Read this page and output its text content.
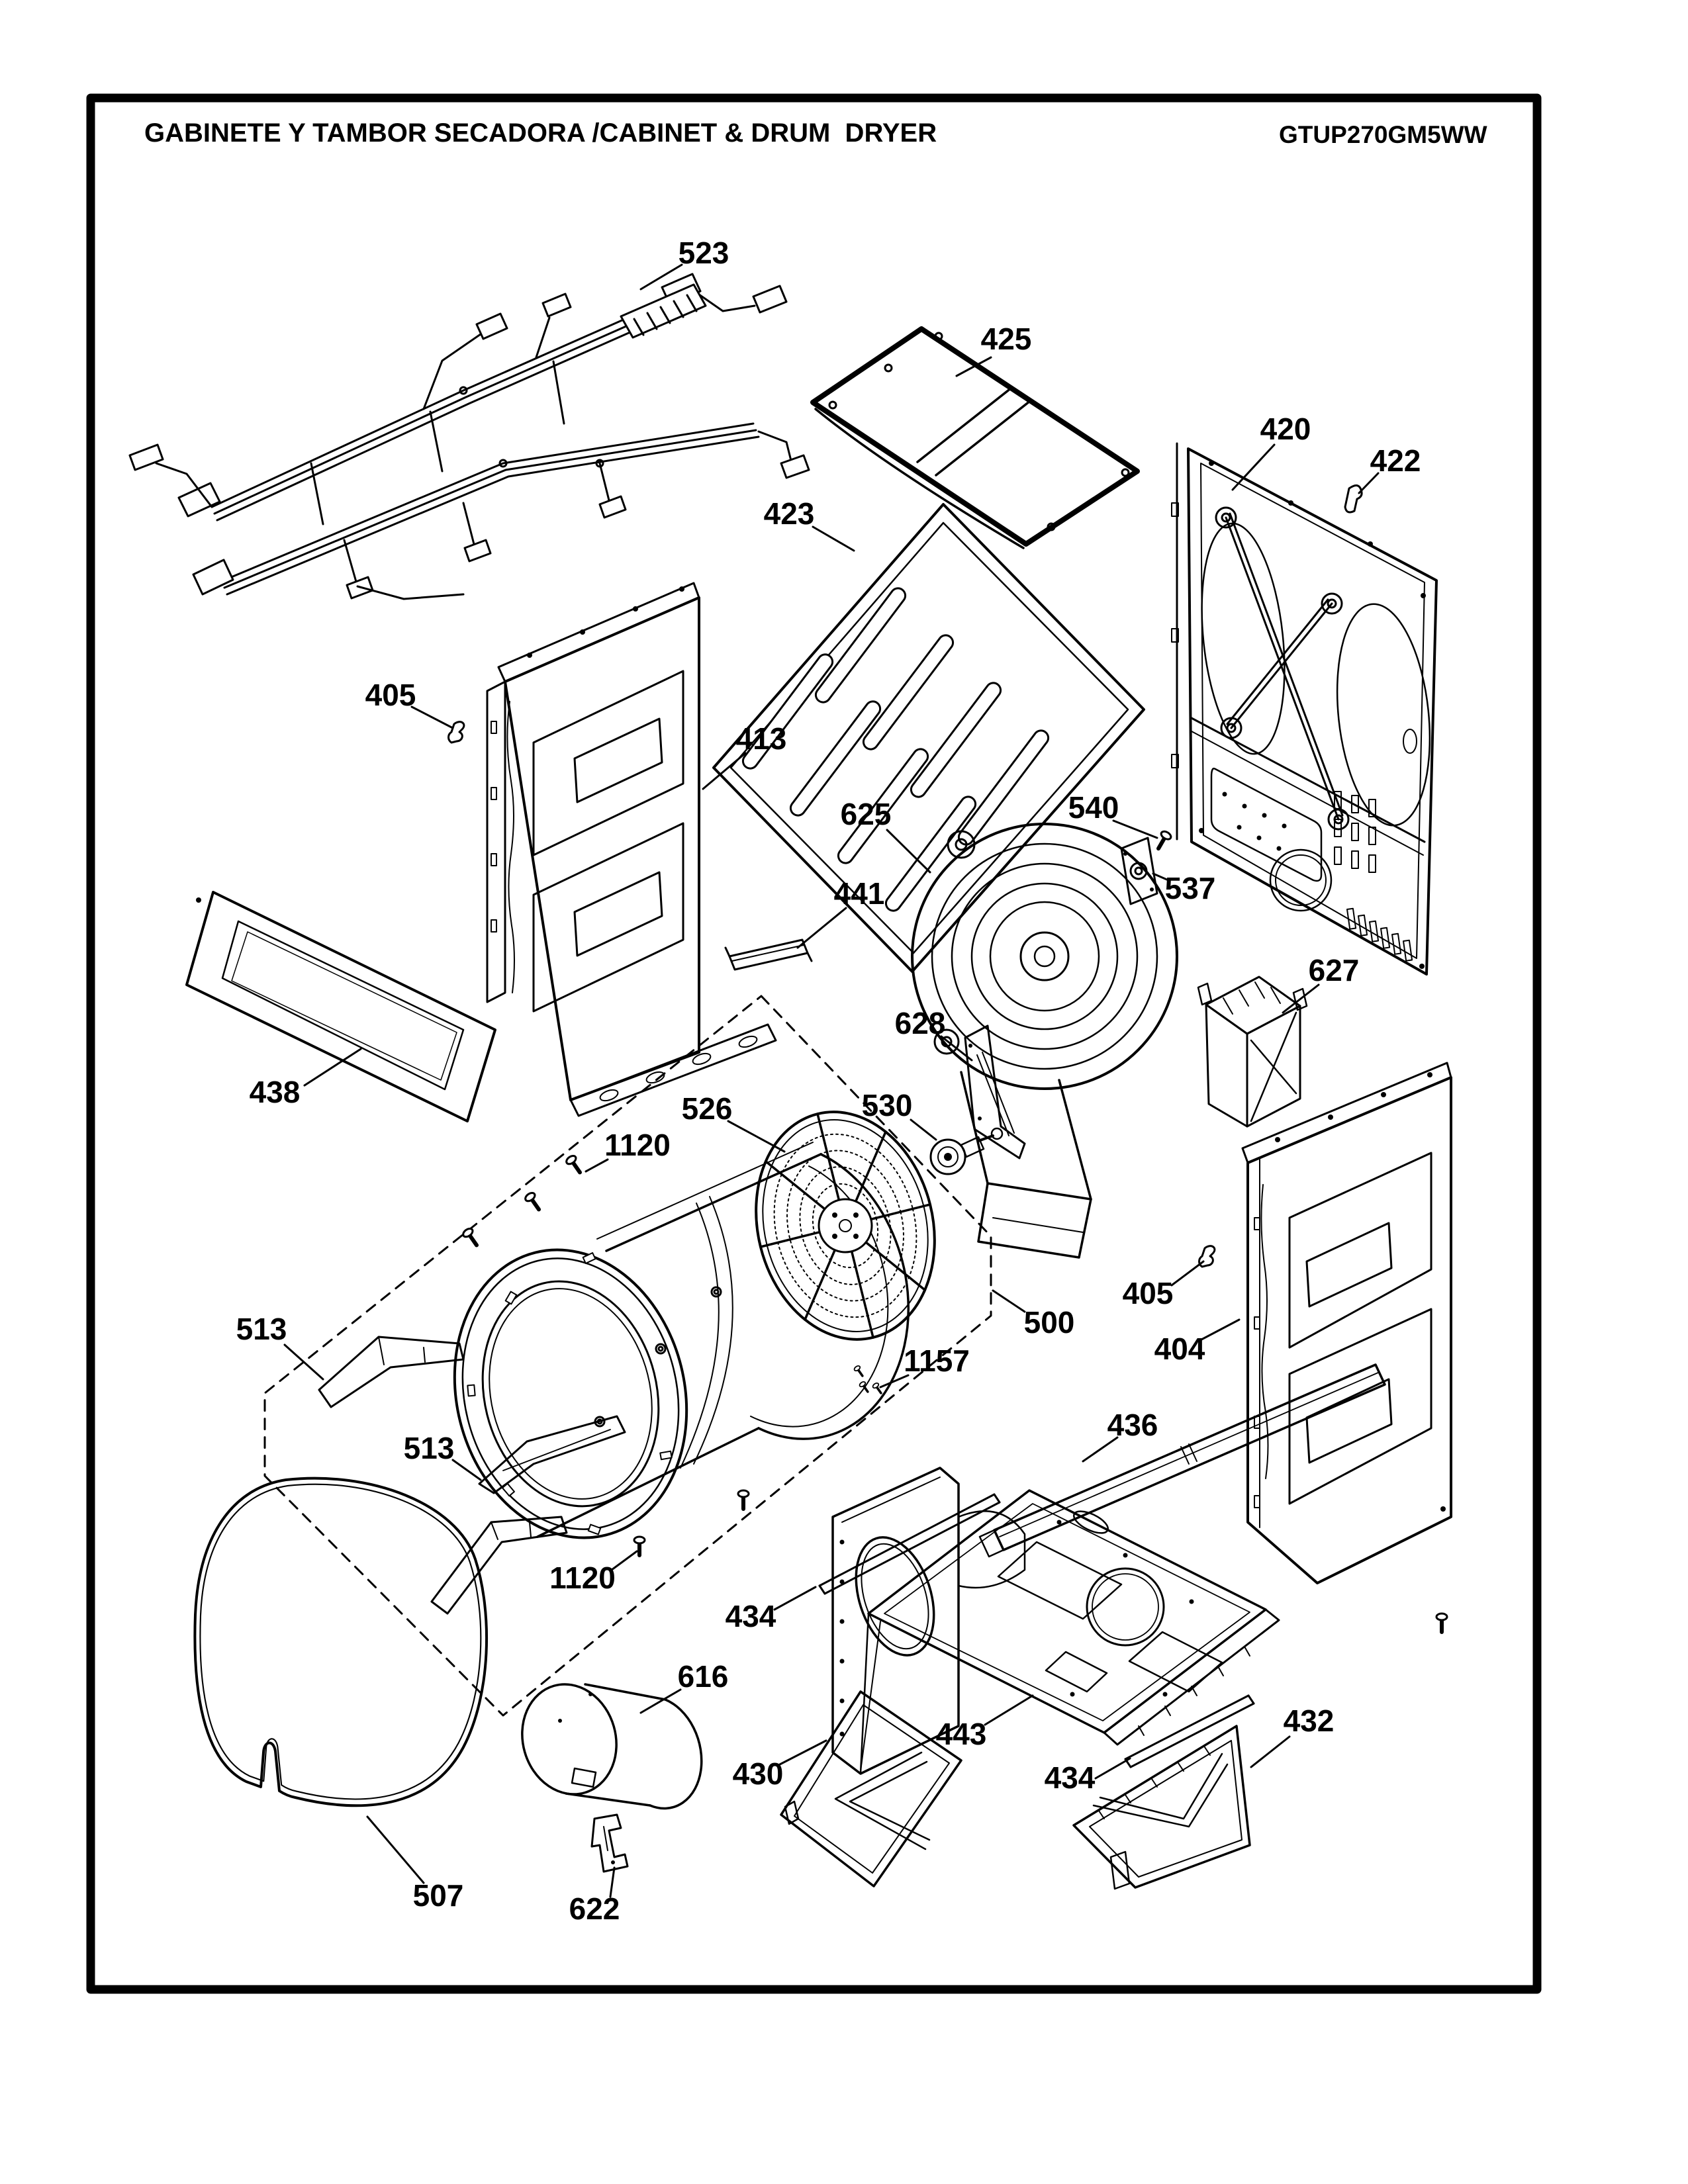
GABINETE Y TAMBOR SECADORA /CABINET & DRUM  DRYER	GTUP270GM5WW
523
425
420
422
423
405
413
625	540
537
441
627
628
438	526	530
1120
513	500
1157
405
404
436
513
1120
434
616
507
430
622
443
434
432
